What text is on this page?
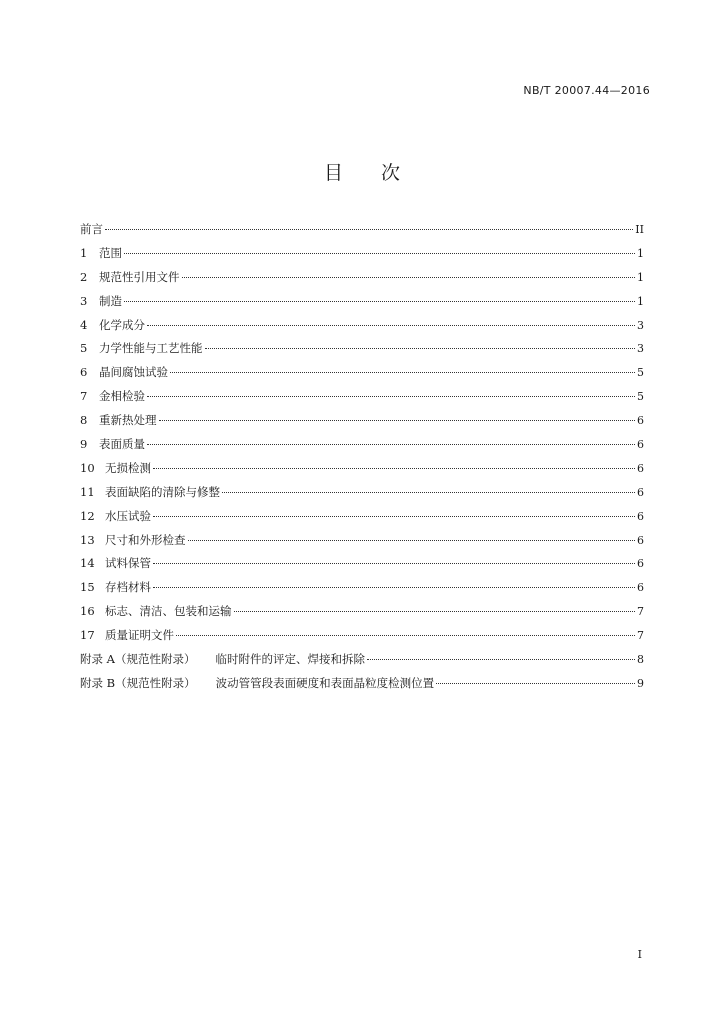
NB/T 20007.44—2016
目次
前言	II
1	范围	1
2	规范性引用文件	1
3	制造	1
4	化学成分	3
5	力学性能与工艺性能	3
6	晶间腐蚀试验	5
7	金相检验	5
8	重新热处理	6
9	表面质量	6
10 无损检测	6
11 表面缺陷的清除与修整	6
12 水压试验	6
13 尺寸和外形检查	6
14 试料保管	6
15 存档材料	6
16 标志、清洁、包装和运输	7
17 质量证明文件	7
附录 A（规范性附录） 临时附件的评定、焊接和拆除	8
附录 B（规范性附录） 波动管管段表面硬度和表面晶粒度检测位置	9
I
